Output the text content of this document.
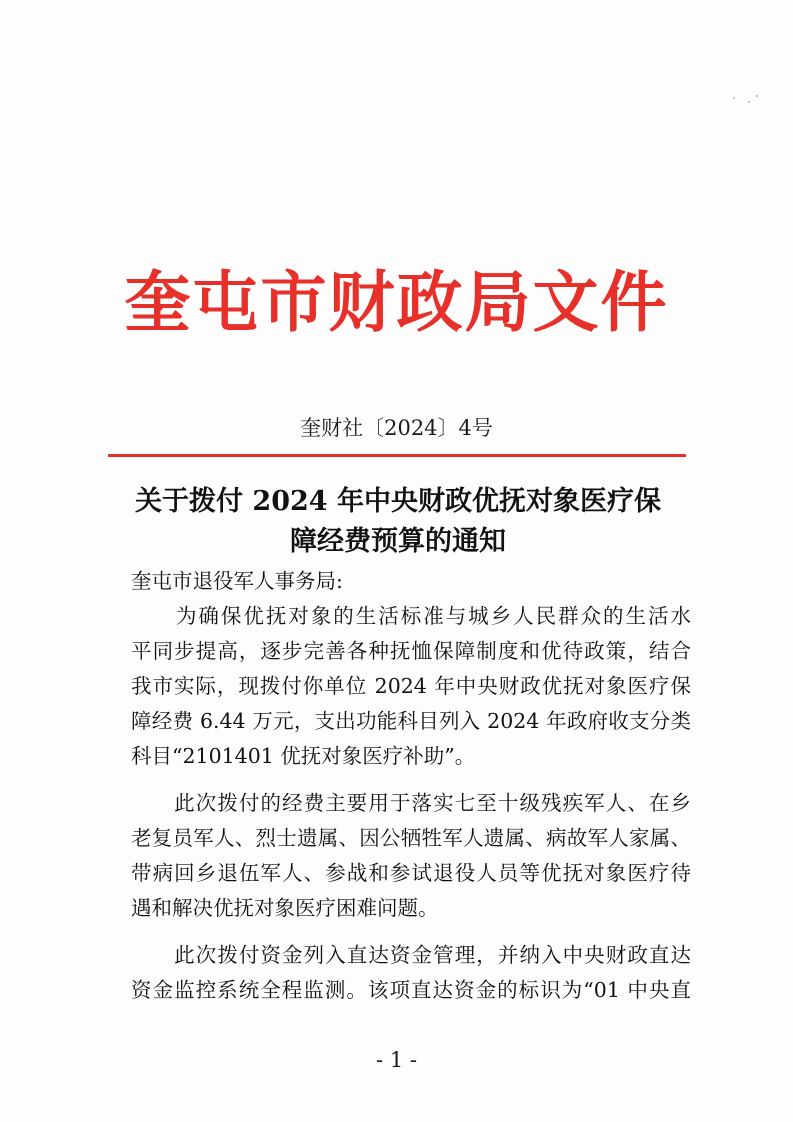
奎屯市财政局文件
奎财社〔2024〕4号
关于拨付 2024 年中央财政优抚对象医疗保
障经费预算的通知
奎屯市退役军人事务局:
　　为确保优抚对象的生活标准与城乡人民群众的生活水
平同步提高，逐步完善各种抚恤保障制度和优待政策，结合
我市实际，现拨付你单位 2024 年中央财政优抚对象医疗保
障经费 6.44 万元，支出功能科目列入 2024 年政府收支分类
科目“2101401 优抚对象医疗补助”。
　　此次拨付的经费主要用于落实七至十级残疾军人、在乡
老复员军人、烈士遗属、因公牺牲军人遗属、病故军人家属、
带病回乡退伍军人、参战和参试退役人员等优抚对象医疗待
遇和解决优抚对象医疗困难问题。
　　此次拨付资金列入直达资金管理，并纳入中央财政直达
资金监控系统全程监测。该项直达资金的标识为“01 中央直
- 1 -
